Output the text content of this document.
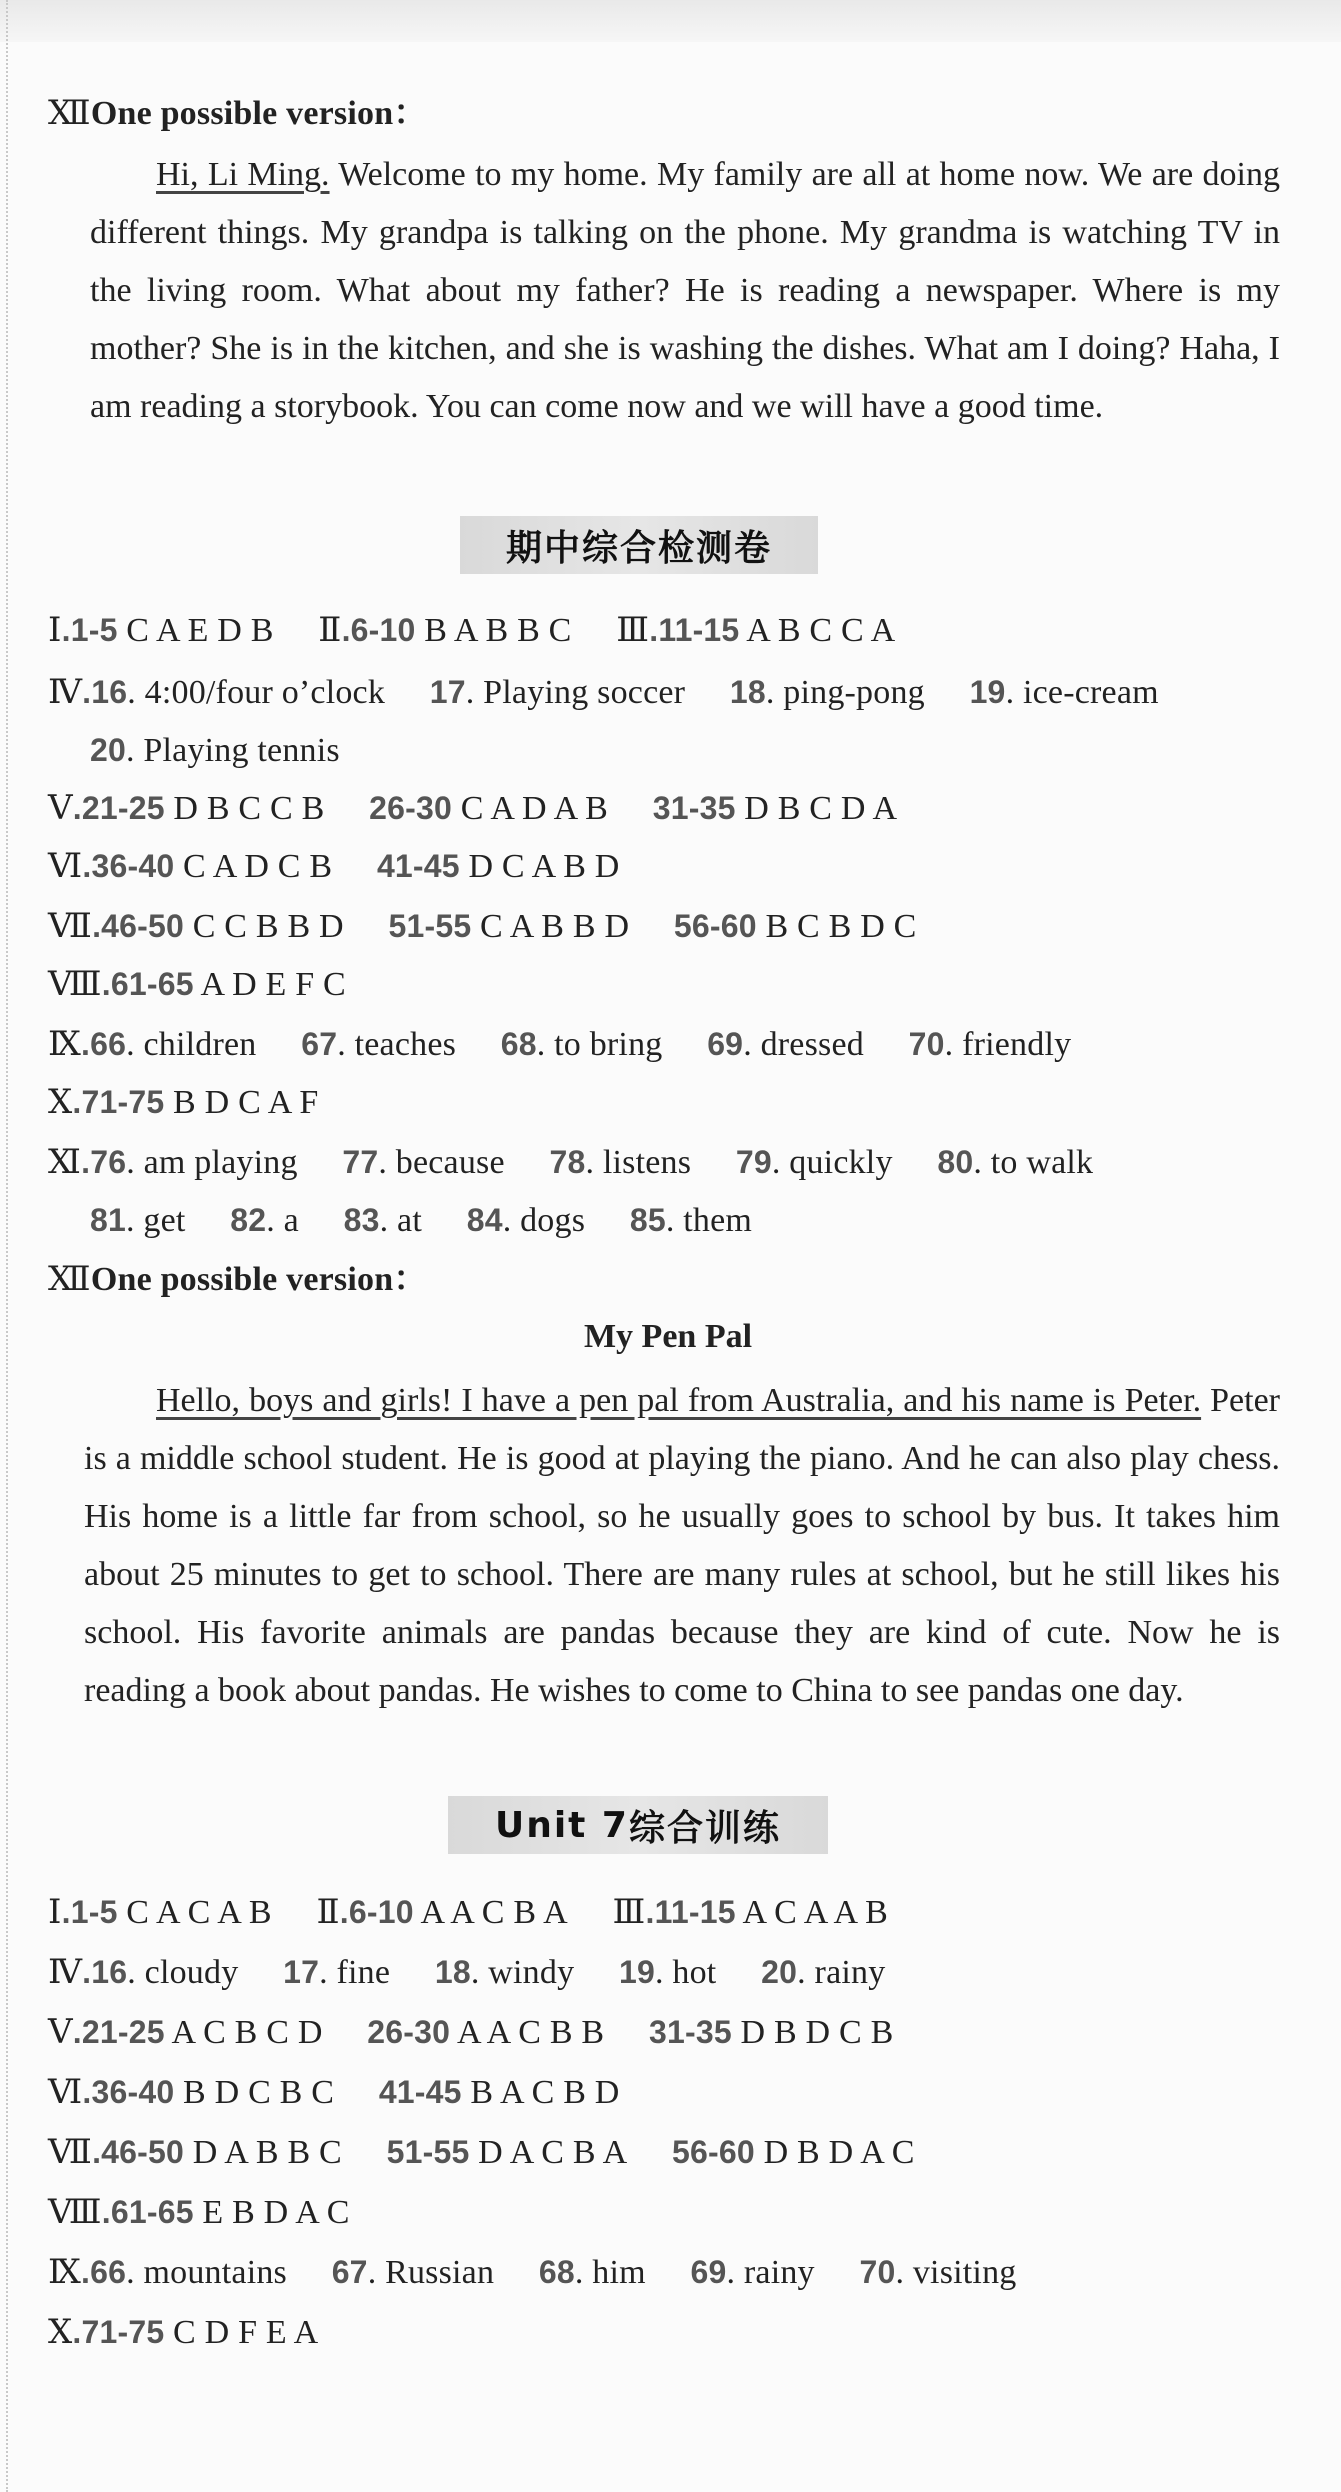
ⅫOne possible version：
Hi, Li Ming. Welcome to my home. My family are all at home now. We are doing different things. My grandpa is talking on the phone. My grandma is watching TV in the living room. What about my father? He is reading a newspaper. Where is my mother? She is in the kitchen, and she is washing the dishes. What am I doing? Haha, I am reading a storybook. You can come now and we will have a good time.
期中综合检测卷
Ⅰ.1-5 C A E D B Ⅱ.6-10 B A B B C Ⅲ.11-15 A B C C A
Ⅳ.16. 4:00/four o’clock 17. Playing soccer 18. ping-pong 19. ice-cream
20. Playing tennis
Ⅴ.21-25 D B C C B 26-30 C A D A B 31-35 D B C D A
Ⅵ.36-40 C A D C B 41-45 D C A B D
Ⅶ.46-50 C C B B D 51-55 C A B B D 56-60 B C B D C
Ⅷ.61-65 A D E F C
Ⅸ.66. children 67. teaches 68. to bring 69. dressed 70. friendly
Ⅹ.71-75 B D C A F
Ⅺ.76. am playing 77. because 78. listens 79. quickly 80. to walk
81. get 82. a 83. at 84. dogs 85. them
ⅫOne possible version：
My Pen Pal
Hello, boys and girls! I have a pen pal from Australia, and his name is Peter. Peter is a middle school student. He is good at playing the piano. And he can also play chess. His home is a little far from school, so he usually goes to school by bus. It takes him about 25 minutes to get to school. There are many rules at school, but he still likes his school. His favorite animals are pandas because they are kind of cute. Now he is reading a book about pandas. He wishes to come to China to see pandas one day.
Unit 7 综合训练
Ⅰ.1-5 C A C A B Ⅱ.6-10 A A C B A Ⅲ.11-15 A C A A B
Ⅳ.16. cloudy 17. fine 18. windy 19. hot 20. rainy
Ⅴ.21-25 A C B C D 26-30 A A C B B 31-35 D B D C B
Ⅵ.36-40 B D C B C 41-45 B A C B D
Ⅶ.46-50 D A B B C 51-55 D A C B A 56-60 D B D A C
Ⅷ.61-65 E B D A C
Ⅸ.66. mountains 67. Russian 68. him 69. rainy 70. visiting
Ⅹ.71-75 C D F E A
